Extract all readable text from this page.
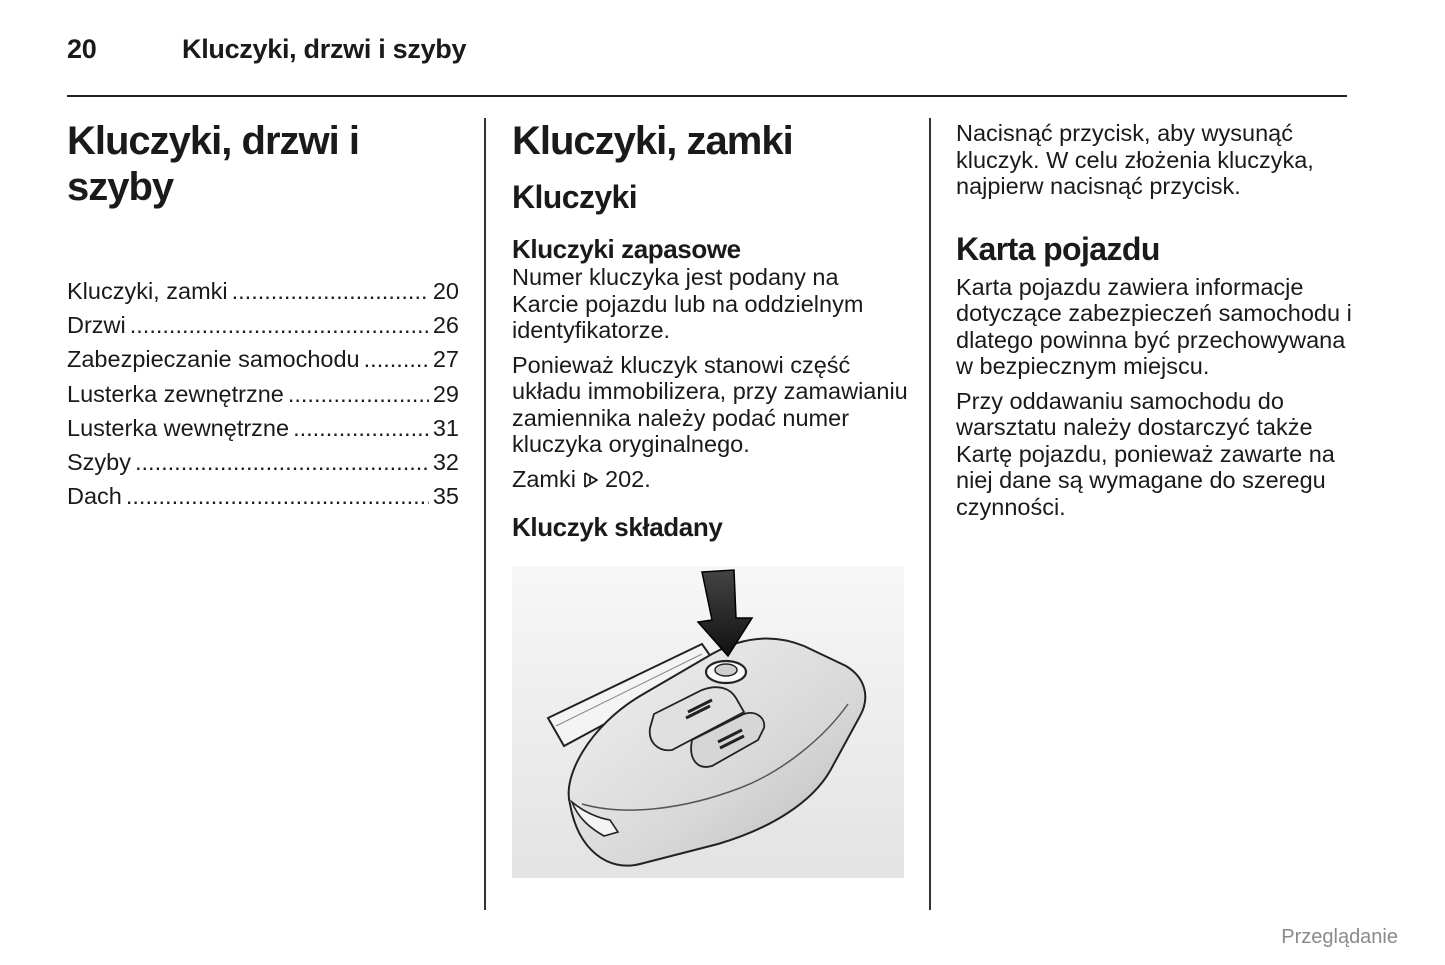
20	Kluczyki, drzwi i szyby
Kluczyki, drzwi i szyby
Kluczyki, zamki .....	20
Drzwi .....	26
Zabezpieczanie samochodu .....	27
Lusterka zewnętrzne .....	29
Lusterka wewnętrzne .....	31
Szyby .....	32
Dach .....	35
Kluczyki, zamki
Kluczyki
Kluczyki zapasowe

Numer kluczyka jest podany na Karcie pojazdu lub na oddzielnym identyfikatorze.

Ponieważ kluczyk stanowi część układu immobilizera, przy zamawianiu zamiennika należy podać numer kluczyka oryginalnego.

Zamki 202.

Kluczyk składany

Nacisnąć przycisk, aby wysunąć kluczyk. W celu złożenia kluczyka, najpierw nacisnąć przycisk.

Karta pojazdu

Karta pojazdu zawiera informacje dotyczące zabezpieczeń samochodu i dlatego powinna być przechowywana w bezpiecznym miejscu.

Przy oddawaniu samochodu do warsztatu należy dostarczyć także Kartę pojazdu, ponieważ zawarte na niej dane są wymagane do szeregu czynności.

Przeglądanie
